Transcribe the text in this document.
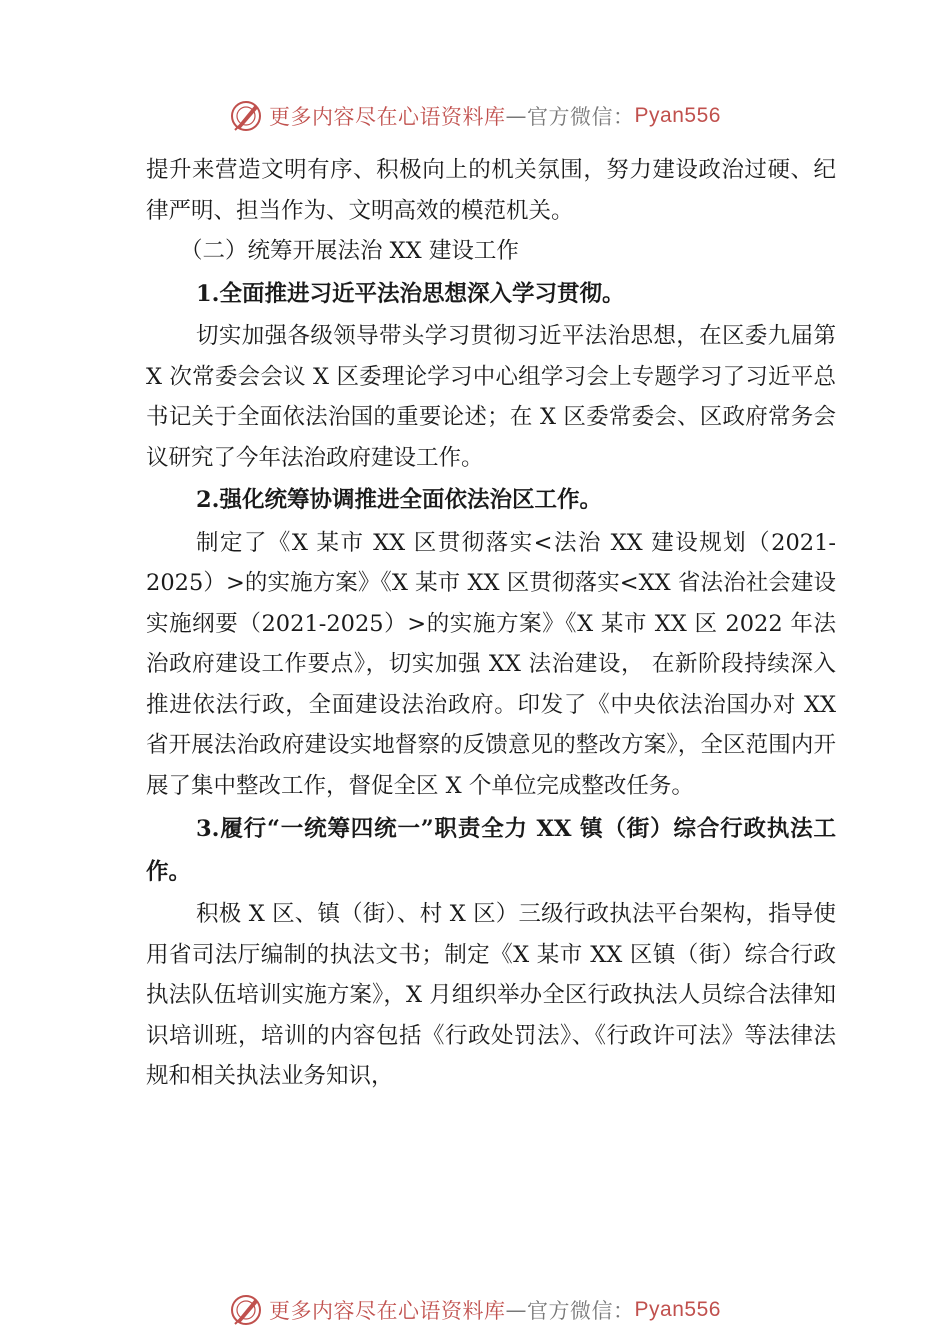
更多内容尽在心语资料库 — 官方微信： Pyan556

提升来营造文明有序、积极向上的机关氛围，努力建设政治过硬、纪律严明、担当作为、文明高效的模范机关。

（二）统筹开展法治 XX 建设工作

1.全面推进习近平法治思想深入学习贯彻。

切实加强各级领导带头学习贯彻习近平法治思想，在区委九届第 X 次常委会会议 X 区委理论学习中心组学习会上专题学习了习近平总书记关于全面依法治国的重要论述；在 X 区委常委会、区政府常务会议研究了今年法治政府建设工作。

2.强化统筹协调推进全面依法治区工作。

制定了《X 某市 XX 区贯彻落实<法治 XX 建设规划（2021- 2025）>的实施方案》《X 某市 XX 区贯彻落实<XX 省法治社会建设实施纲要（2021-2025）>的实施方案》《X 某市 XX 区 2022 年法治政府建设工作要点》，切实加强 XX 法治建设， 在新阶段持续深入推进依法行政，全面建设法治政府。印发了《中央依法治国办对 XX 省开展法治政府建设实地督察的反馈意见的整改方案》，全区范围内开展了集中整改工作，督促全区 X 个单位完成整改任务。

3.履行“一统筹四统一”职责全力 XX 镇（街）综合行政执法工作。

积极 X 区、镇（街）、村 X 区）三级行政执法平台架构，指导使用省司法厅编制的执法文书；制定《X 某市 XX 区镇（街）综合行政执法队伍培训实施方案》，X 月组织举办全区行政执法人员综合法律知识培训班，培训的内容包括《行政处罚法》、《行政许可法》等法律法规和相关执法业务知识，

更多内容尽在心语资料库 — 官方微信： Pyan556
